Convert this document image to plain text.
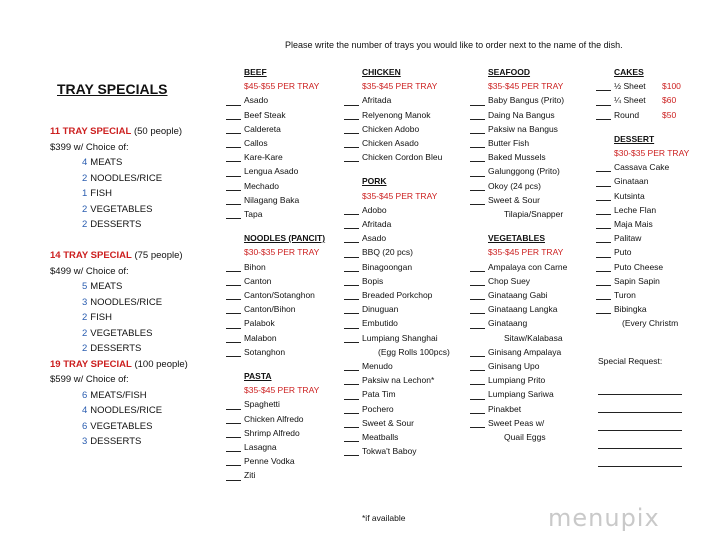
Please write the number of trays you would like to order next to the name of the dish.
TRAY SPECIALS
11 TRAY SPECIAL (50 people)
$399 w/ Choice of:
4 MEATS
2 NOODLES/RICE
1 FISH
2 VEGETABLES
2 DESSERTS
14 TRAY SPECIAL (75 people)
$499 w/ Choice of:
5 MEATS
3 NOODLES/RICE
2 FISH
2 VEGETABLES
2 DESSERTS
19 TRAY SPECIAL (100 people)
$599 w/ Choice of:
6 MEATS/FISH
4 NOODLES/RICE
6 VEGETABLES
3 DESSERTS
BEEF
$45-$55 PER TRAY
Asado
Beef Steak
Caldereta
Callos
Kare-Kare
Lengua Asado
Mechado
Nilagang Baka
Tapa
NOODLES (PANCIT)
$30-$35 PER TRAY
Bihon
Canton
Canton/Sotanghon
Canton/Bihon
Palabok
Malabon
Sotanghon
PASTA
$35-$45 PER TRAY
Spaghetti
Chicken Alfredo
Shrimp Alfredo
Lasagna
Penne Vodka
Ziti
CHICKEN
$35-$45 PER TRAY
Afritada
Relyenong Manok
Chicken Adobo
Chicken Asado
Chicken Cordon Bleu
PORK
$35-$45 PER TRAY
Adobo
Afritada
Asado
BBQ (20 pcs)
Binagoongan
Bopis
Breaded Porkchop
Dinuguan
Embutido
Lumpiang Shanghai
(Egg Rolls 100pcs)
Menudo
Paksiw na Lechon*
Pata Tim
Pochero
Sweet & Sour
Meatballs
Tokwa't Baboy
SEAFOOD
$35-$45 PER TRAY
Baby Bangus (Prito)
Daing Na Bangus
Paksiw na Bangus
Butter Fish
Baked Mussels
Galunggong (Prito)
Okoy (24 pcs)
Sweet & Sour
Tilapia/Snapper
VEGETABLES
$35-$45 PER TRAY
Ampalaya con Carne
Chop Suey
Ginataang Gabi
Ginataang Langka
Ginataang
Sitaw/Kalabasa
Ginisang Ampalaya
Ginisang Upo
Lumpiang Prito
Lumpiang Sariwa
Pinakbet
Sweet Peas w/
Quail Eggs
CAKES
½ Sheet $100
¼ Sheet $60
Round	$50
DESSERT
$30-$35 PER TRAY
Cassava Cake
Ginataan
Kutsinta
Leche Flan
Maja Mais
Palitaw
Puto
Puto Cheese
Sapin Sapin
Turon
Bibingka
(Every Christm
Special Request:
*if available	menupix
